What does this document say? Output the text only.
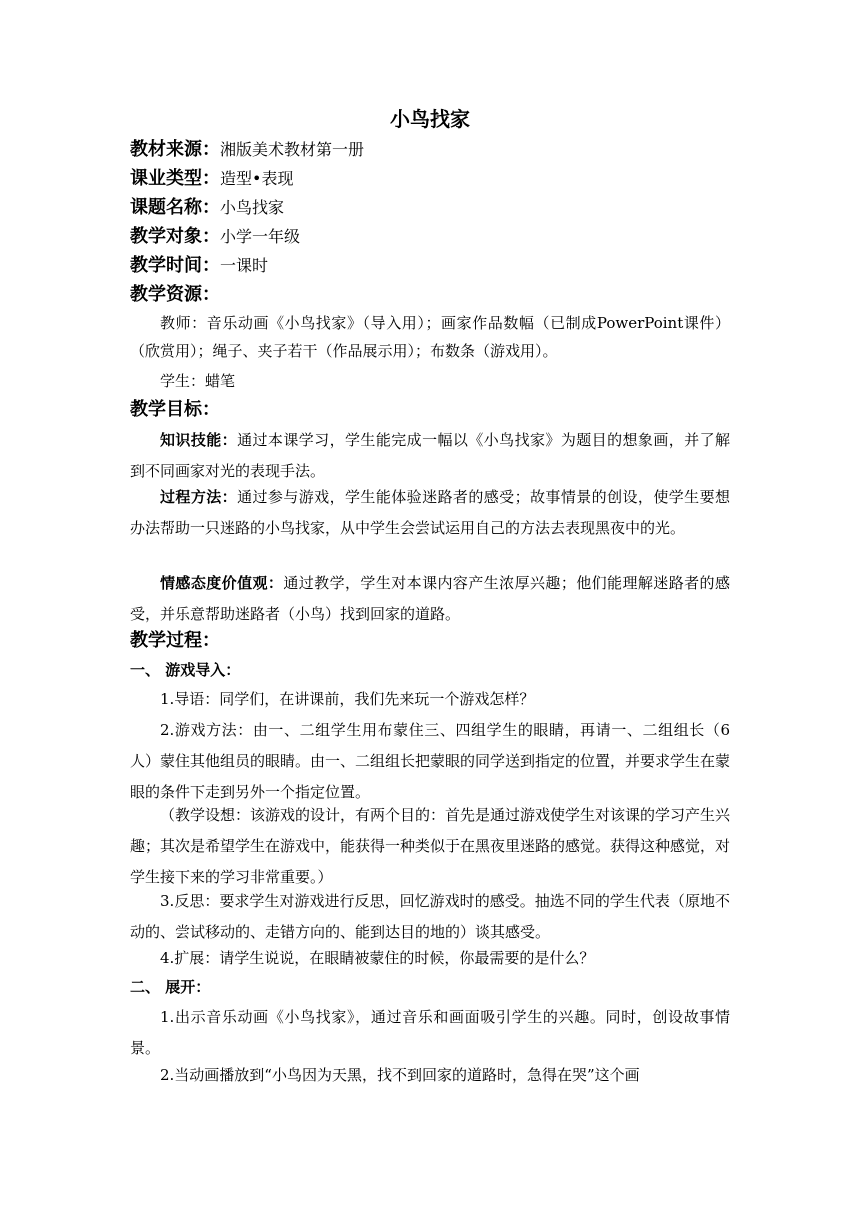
小鸟找家
教材来源：湘版美术教材第一册
课业类型：造型•表现
课题名称：小鸟找家
教学对象：小学一年级
教学时间：一课时
教学资源：
教师：音乐动画《小鸟找家》（导入用）；画家作品数幅（已制成PowerPoint课件）（欣赏用）；绳子、夹子若干（作品展示用）；布数条（游戏用）。
学生：蜡笔
教学目标：
知识技能：通过本课学习，学生能完成一幅以《小鸟找家》为题目的想象画，并了解到不同画家对光的表现手法。
过程方法：通过参与游戏，学生能体验迷路者的感受；故事情景的创设，使学生要想办法帮助一只迷路的小鸟找家，从中学生会尝试运用自己的方法去表现黑夜中的光。
情感态度价值观：通过教学，学生对本课内容产生浓厚兴趣；他们能理解迷路者的感受，并乐意帮助迷路者（小鸟）找到回家的道路。
教学过程：
一、 游戏导入：
1.导语：同学们，在讲课前，我们先来玩一个游戏怎样？
2.游戏方法：由一、二组学生用布蒙住三、四组学生的眼睛，再请一、二组组长（6人）蒙住其他组员的眼睛。由一、二组组长把蒙眼的同学送到指定的位置，并要求学生在蒙眼的条件下走到另外一个指定位置。
（教学设想：该游戏的设计，有两个目的：首先是通过游戏使学生对该课的学习产生兴趣；其次是希望学生在游戏中，能获得一种类似于在黑夜里迷路的感觉。获得这种感觉，对学生接下来的学习非常重要。）
3.反思：要求学生对游戏进行反思，回忆游戏时的感受。抽选不同的学生代表（原地不动的、尝试移动的、走错方向的、能到达目的地的）谈其感受。
4.扩展：请学生说说，在眼睛被蒙住的时候，你最需要的是什么？
二、 展开：
1.出示音乐动画《小鸟找家》，通过音乐和画面吸引学生的兴趣。同时，创设故事情景。
2.当动画播放到“小鸟因为天黑，找不到回家的道路时，急得在哭”这个画
